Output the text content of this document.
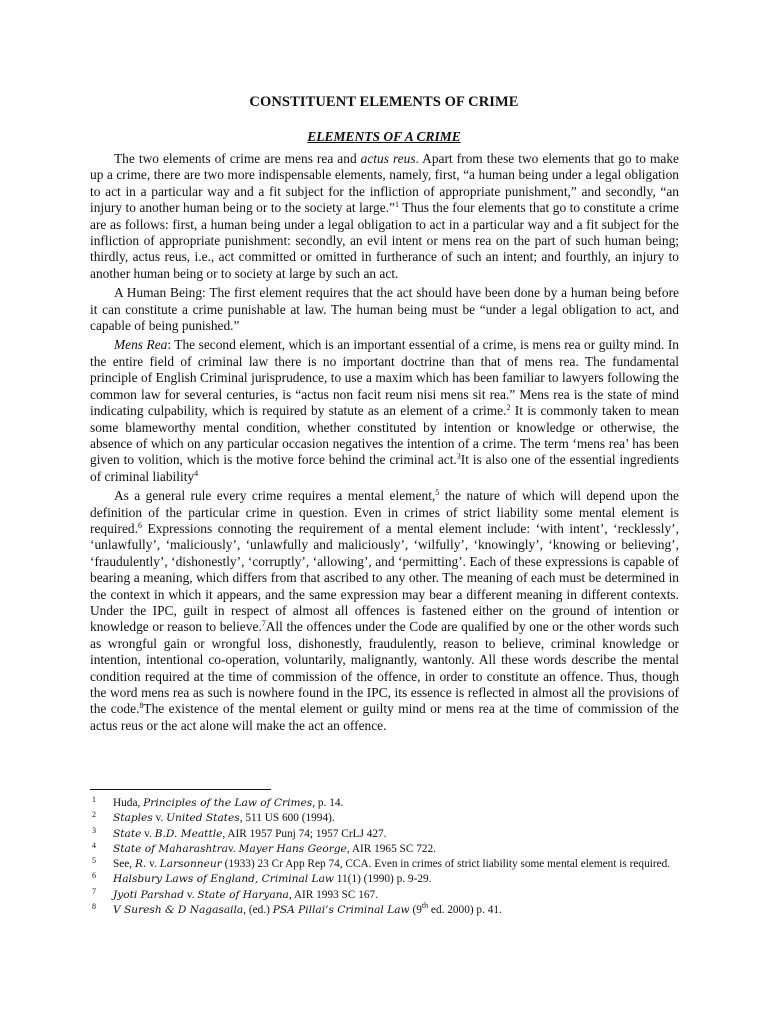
CONSTITUENT ELEMENTS OF CRIME
ELEMENTS OF A CRIME

The two elements of crime are mens rea and actus reus. Apart from these two elements that go to make up a crime, there are two more indispensable elements, namely, first, “a human being under a legal obligation to act in a particular way and a fit subject for the infliction of appropriate punishment,” and secondly, “an injury to another human being or to the society at large.”$^1$ Thus the four elements that go to constitute a crime are as follows: first, a human being under a legal obligation to act in a particular way and a fit subject for the infliction of appropriate punishment: secondly, an evil intent or mens rea on the part of such human being; thirdly, actus reus, i.e., act committed or omitted in furtherance of such an intent; and fourthly, an injury to another human being or to society at large by such an act.

A Human Being: The first element requires that the act should have been done by a human being before it can constitute a crime punishable at law. The human being must be “under a legal obligation to act, and capable of being punished.”

Mens Rea: The second element, which is an important essential of a crime, is mens rea or guilty mind. In the entire field of criminal law there is no important doctrine than that of mens rea. The fundamental principle of English Criminal jurisprudence, to use a maxim which has been familiar to lawyers following the common law for several centuries, is “actus non facit reum nisi mens sit rea.” Mens rea is the state of mind indicating culpability, which is required by statute as an element of a crime.$^2$ It is commonly taken to mean some blameworthy mental condition, whether constituted by intention or knowledge or otherwise, the absence of which on any particular occasion negatives the intention of a crime. The term ‘mens rea’ has been given to volition, which is the motive force behind the criminal act.$^3$It is also one of the essential ingredients of criminal liability$^4$

As a general rule every crime requires a mental element,$^5$ the nature of which will depend upon the definition of the particular crime in question. Even in crimes of strict liability some mental element is required.$^6$ Expressions connoting the requirement of a mental element include: ‘with intent’, ‘recklessly’, ‘unlawfully’, ‘maliciously’, ‘unlawfully and maliciously’, ‘wilfully’, ‘knowingly’, ‘knowing or believing’, ‘fraudulently’, ‘dishonestly’, ‘corruptly’, ‘allowing’, and ‘permitting’. Each of these expressions is capable of bearing a meaning, which differs from that ascribed to any other. The meaning of each must be determined in the context in which it appears, and the same expression may bear a different meaning in different contexts. Under the IPC, guilt in respect of almost all offences is fastened either on the ground of intention or knowledge or reason to believe.$^7$All the offences under the Code are qualified by one or the other words such as wrongful gain or wrongful loss, dishonestly, fraudulently, reason to believe, criminal knowledge or intention, intentional co-operation, voluntarily, malignantly, wantonly. All these words describe the mental condition required at the time of commission of the offence, in order to constitute an offence. Thus, though the word mens rea as such is nowhere found in the IPC, its essence is reflected in almost all the provisions of the code.$^8$The existence of the mental element or guilty mind or mens rea at the time of commission of the actus reus or the act alone will make the act an offence.

1 Huda, Principles of the Law of Crimes, p. 14.
2 Staples v. United States, 511 US 600 (1994).
3 State v. B.D. Meattle, AIR 1957 Punj 74; 1957 CrLJ 427.
4 State of Maharashtrav. Mayer Hans George, AIR 1965 SC 722.
5 See, R. v. Larsonneur (1933) 23 Cr App Rep 74, CCA. Even in crimes of strict liability some mental element is required.
6 Halsbury Laws of England, Criminal Law 11(1) (1990) p. 9-29.
7 Jyoti Parshad v. State of Haryana, AIR 1993 SC 167.
8 V Suresh & D Nagasaila, (ed.) PSA Pillai’s Criminal Law (9th ed. 2000) p. 41.
